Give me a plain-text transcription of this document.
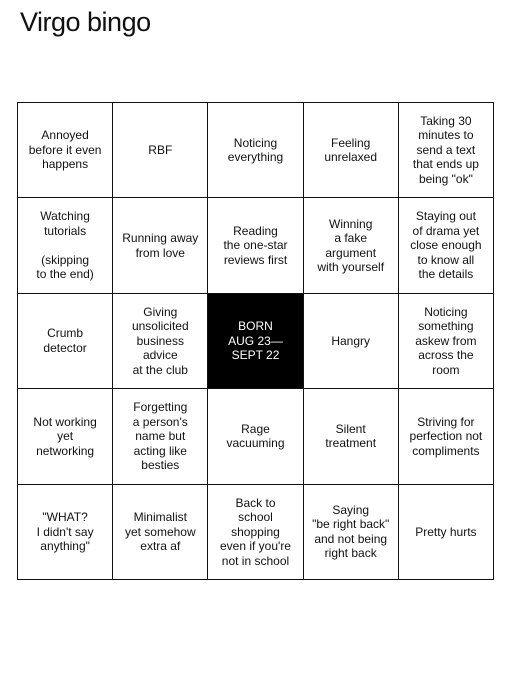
Virgo bingo
Annoyed
before it even
happens
RBF
Noticing
everything
Feeling
unrelaxed
Taking 30
minutes to
send a text
that ends up
being "ok"
Watching
tutorials

(skipping
to the end)
Running away
from love
Reading
the one-star
reviews first
Winning
a fake
argument
with yourself
Staying out
of drama yet
close enough
to know all
the details
Crumb
detector
Giving
unsolicited
business
advice
at the club
BORN
AUG 23—
SEPT 22
Hangry
Noticing
something
askew from
across the
room
Not working
yet
networking
Forgetting
a person's
name but
acting like
besties
Rage
vacuuming
Silent
treatment
Striving for
perfection not
compliments
"WHAT?
I didn't say
anything"
Minimalist
yet somehow
extra af
Back to
school
shopping
even if you're
not in school
Saying
"be right back"
and not being
right back
Pretty hurts
